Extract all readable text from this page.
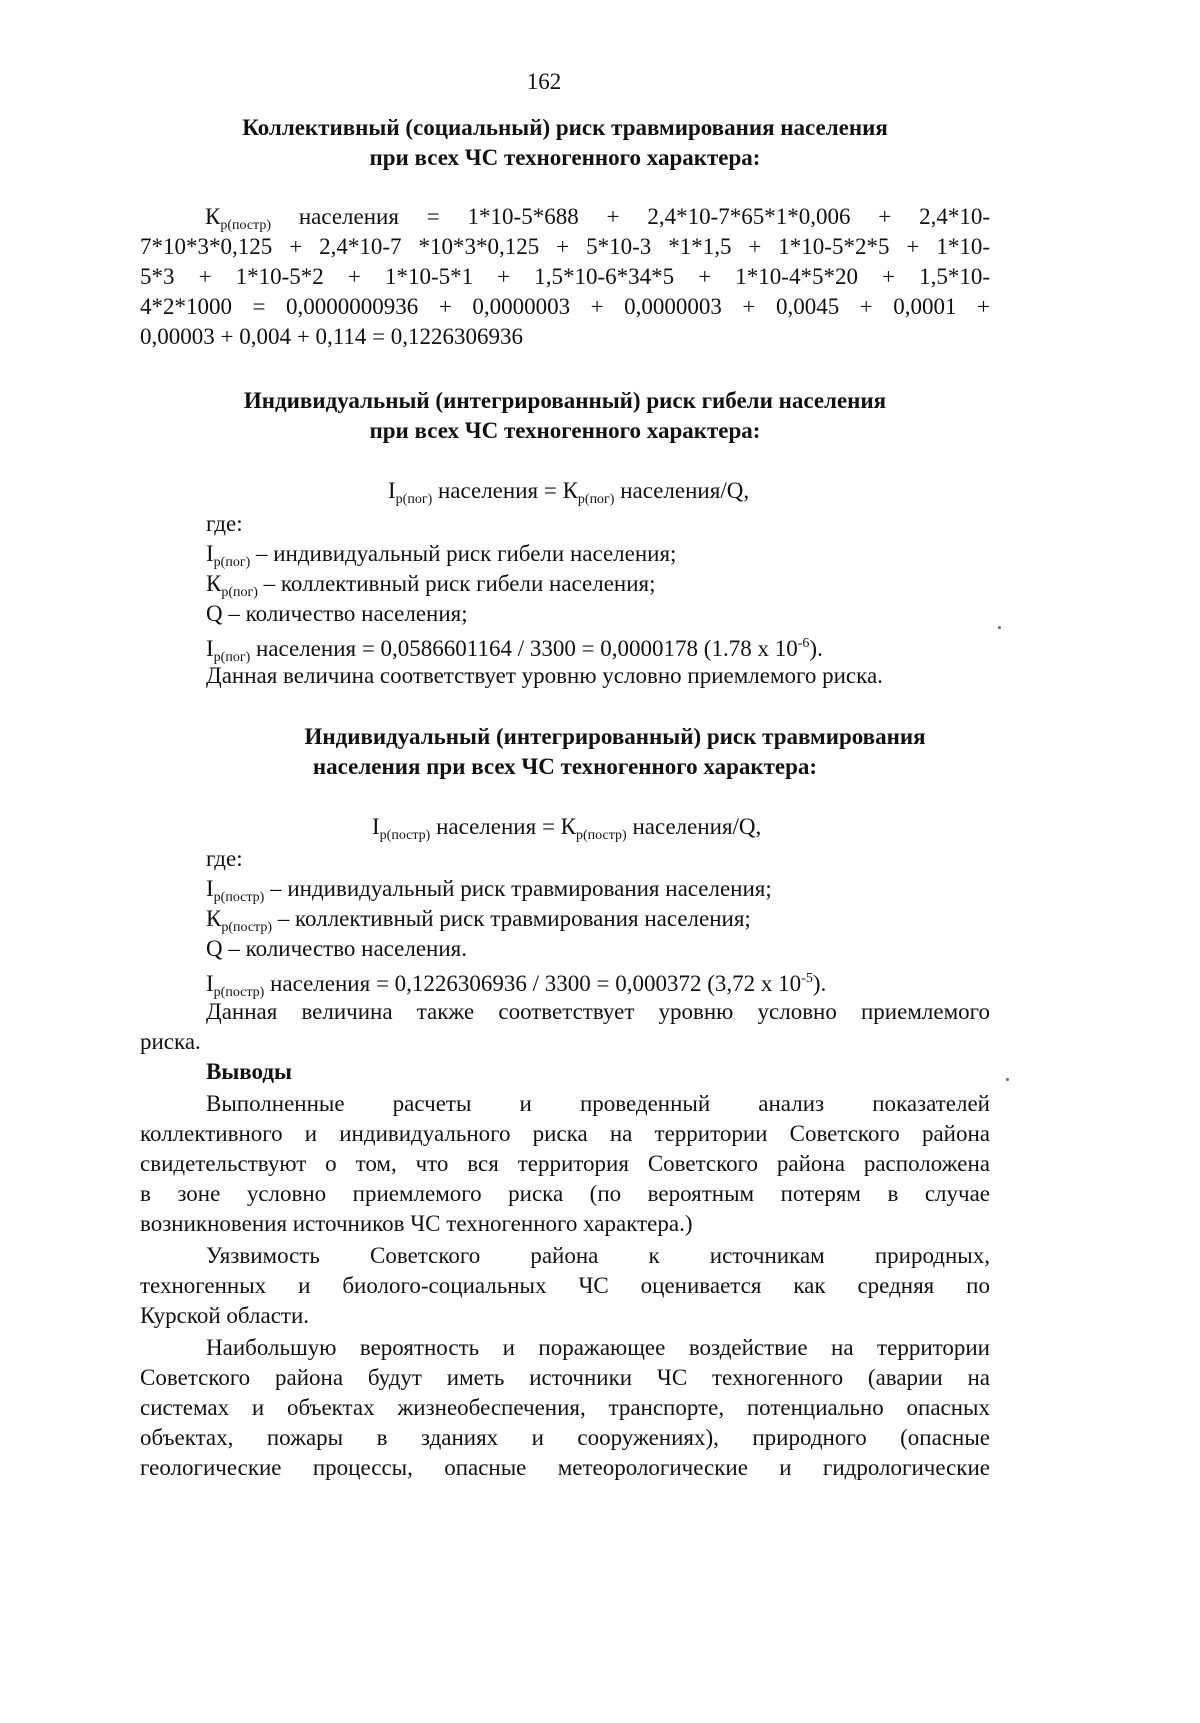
162
Коллективный (социальный) риск травмирования населения
при всех ЧС техногенного характера:
$К_{р(постр)}$ населения = 1*10-5*688 + 2,4*10-7*65*1*0,006 + 2,4*10-
7*10*3*0,125 + 2,4*10-7 *10*3*0,125 + 5*10-3 *1*1,5 + 1*10-5*2*5 + 1*10-
5*3 + 1*10-5*2 + 1*10-5*1 + 1,5*10-6*34*5 + 1*10-4*5*20 + 1,5*10-
4*2*1000 = 0,0000000936 + 0,0000003 + 0,0000003 + 0,0045 + 0,0001 +
0,00003 + 0,004 + 0,114 = 0,1226306936
Индивидуальный (интегрированный) риск гибели населения
при всех ЧС техногенного характера:
$I_{р(пог)}$ населения = $К_{р(пог)}$ населения/Q,
где:
$I_{р(пог)}$ – индивидуальный риск гибели населения;
$К_{р(пог)}$ – коллективный риск гибели населения;
Q – количество населения;
$I_{р(пог)}$ населения = 0,0586601164 / 3300 = 0,0000178 (1.78 х $10^{-6}$).
Данная величина соответствует уровню условно приемлемого риска.
Индивидуальный (интегрированный) риск травмирования
населения при всех ЧС техногенного характера:
$I_{р(постр)}$ населения = $К_{р(постр)}$ населения/Q,
где:
$I_{р(постр)}$ – индивидуальный риск травмирования населения;
$К_{р(постр)}$ – коллективный риск травмирования населения;
Q – количество населения.
$I_{р(постр)}$ населения = 0,1226306936 / 3300 = 0,000372 (3,72 х $10^{-5}$).
Данная величина также соответствует уровню условно приемлемого
риска.
Выводы
Выполненные расчеты и проведенный анализ показателей
коллективного и индивидуального риска на территории Советского района
свидетельствуют о том, что вся территория Советского района расположена
в зоне условно приемлемого риска (по вероятным потерям в случае
возникновения источников ЧС техногенного характера.)
Уязвимость Советского района к источникам природных,
техногенных и биолого-социальных ЧС оценивается как средняя по
Курской области.
Наибольшую вероятность и поражающее воздействие на территории
Советского района будут иметь источники ЧС техногенного (аварии на
системах и объектах жизнеобеспечения, транспорте, потенциально опасных
объектах, пожары в зданиях и сооружениях), природного (опасные
геологические процессы, опасные метеорологические и гидрологические
